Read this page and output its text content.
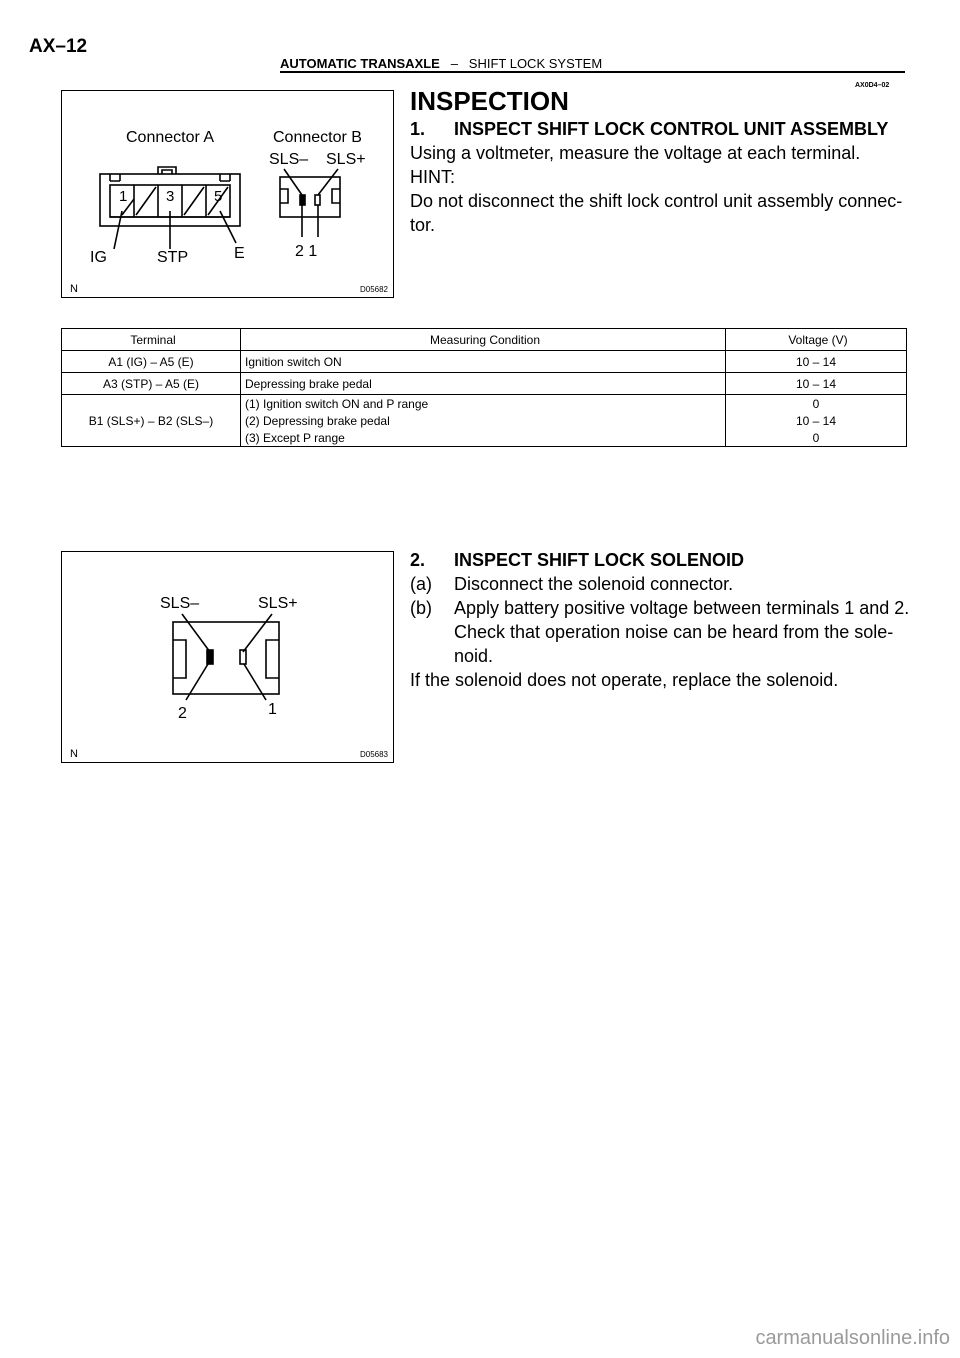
AX–12
AUTOMATIC TRANSAXLE – SHIFT LOCK SYSTEM
AX0D4–02
Connector A	Connector B
SLS– SLS+
1	3	5
IG	STP	E	2 1
N	D05682
INSPECTION
1.	INSPECT SHIFT LOCK CONTROL UNIT ASSEMBLY
Using a voltmeter, measure the voltage at each terminal.
HINT:
Do not disconnect the shift lock control unit assembly connec-
tor.
Terminal	Measuring Condition	Voltage (V)
A1 (IG) – A5 (E)	Ignition switch ON	10 – 14
A3 (STP) – A5 (E)	Depressing brake pedal	10 – 14
B1 (SLS+) – B2 (SLS–)	(1) Ignition switch ON and P range	0
	(2) Depressing brake pedal	10 – 14
	(3) Except P range	0
SLS–	SLS+
2	1
N	D05683
2.	INSPECT SHIFT LOCK SOLENOID
(a)	Disconnect the solenoid connector.
(b)	Apply battery positive voltage between terminals 1 and 2.
Check that operation noise can be heard from the sole-
noid.
If the solenoid does not operate, replace the solenoid.
carmanualsonline.info
